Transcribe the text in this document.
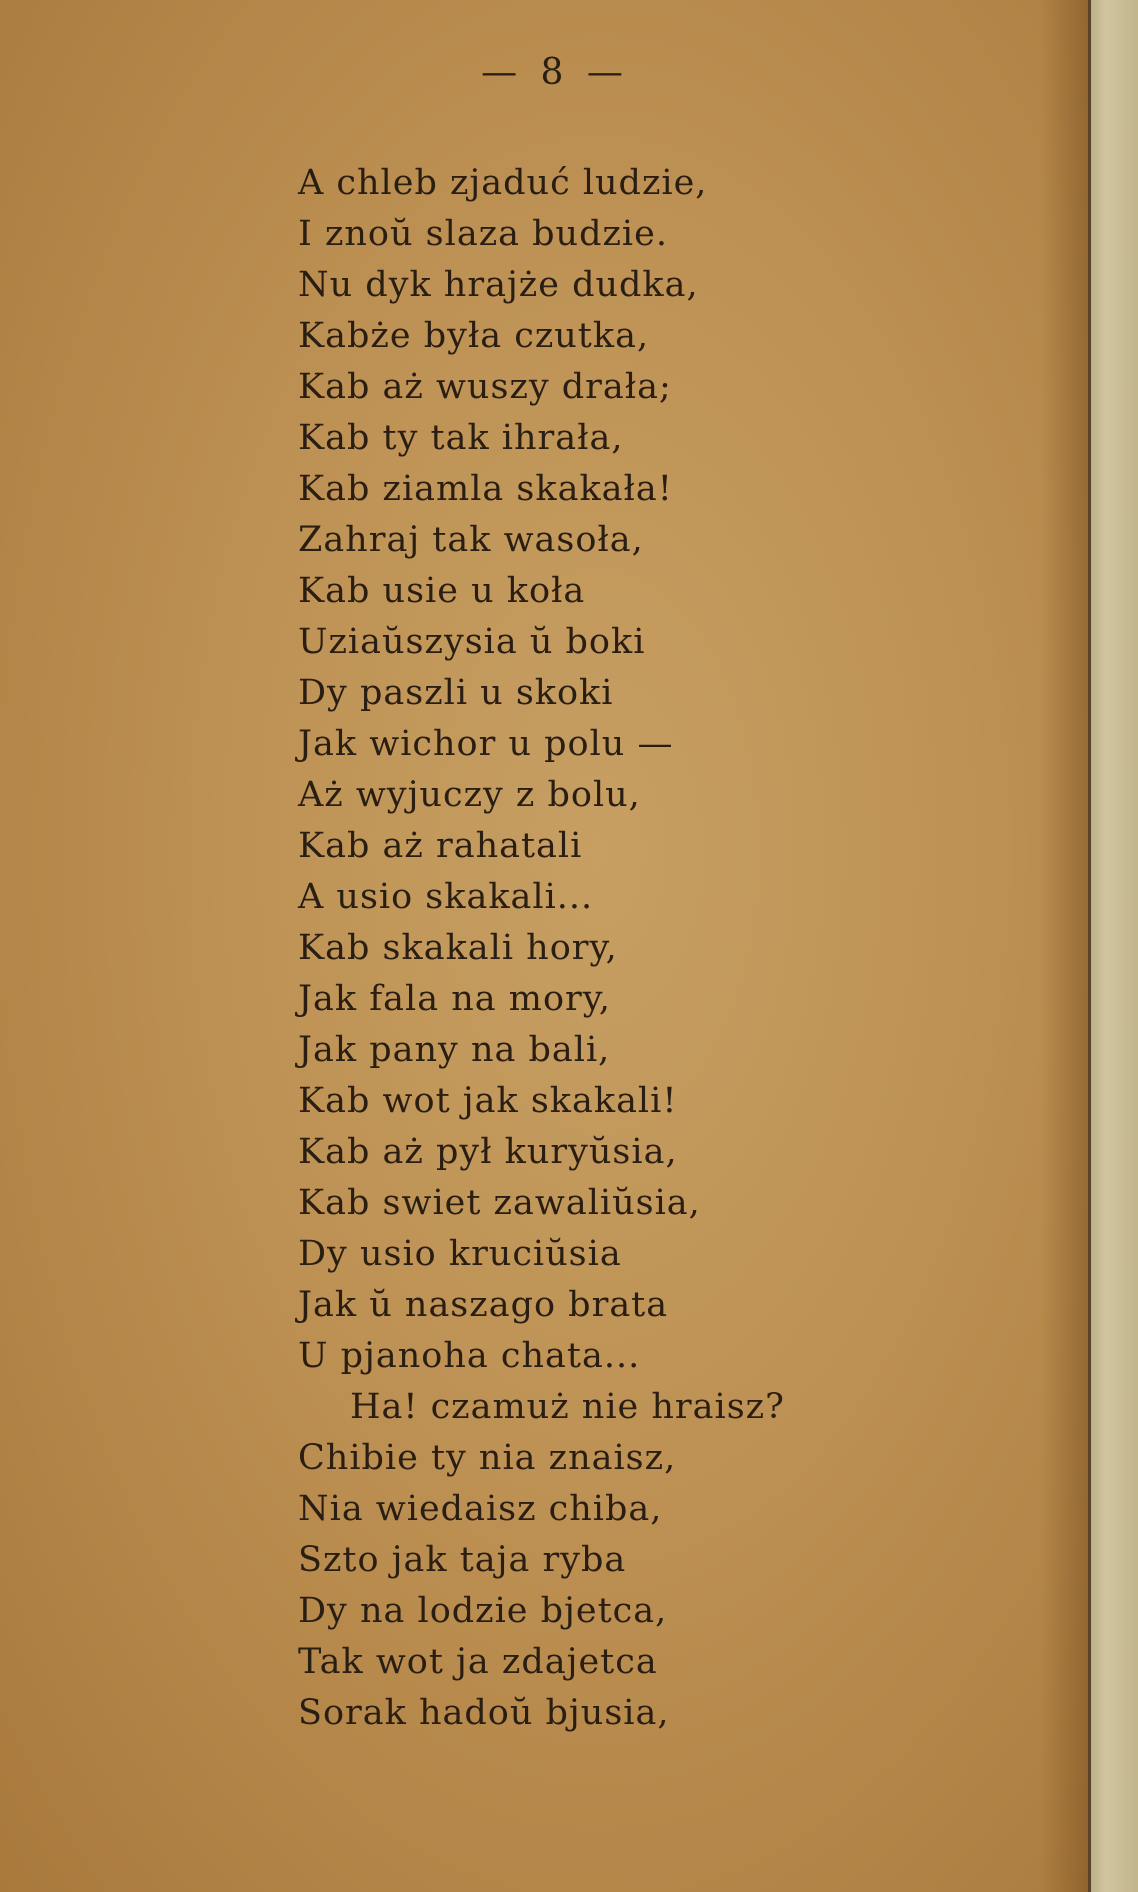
— 8 —
A chleb zjaduć ludzie,
I znoŭ slaza budzie.
Nu dyk hrajże dudka,
Kabże była czutka,
Kab aż wuszy drała;
Kab ty tak ihrała,
Kab ziamla skakała!
Zahraj tak wasoła,
Kab usie u koła
Uziaŭszysia ŭ boki
Dy paszli u skoki
Jak wichor u polu —
Aż wyjuczy z bolu,
Kab aż rahatali
A usio skakali...
Kab skakali hory,
Jak fala na mory,
Jak pany na bali,
Kab wot jak skakali!
Kab aż pył kuryŭsia,
Kab swiet zawaliŭsia,
Dy usio kruciŭsia
Jak ŭ naszago brata
U pjanoha chata...
Ha! czamuż nie hraisz?
Chibie ty nia znaisz,
Nia wiedaisz chiba,
Szto jak taja ryba
Dy na lodzie bjetca,
Tak wot ja zdajetca
Sorak hadoŭ bjusia,
